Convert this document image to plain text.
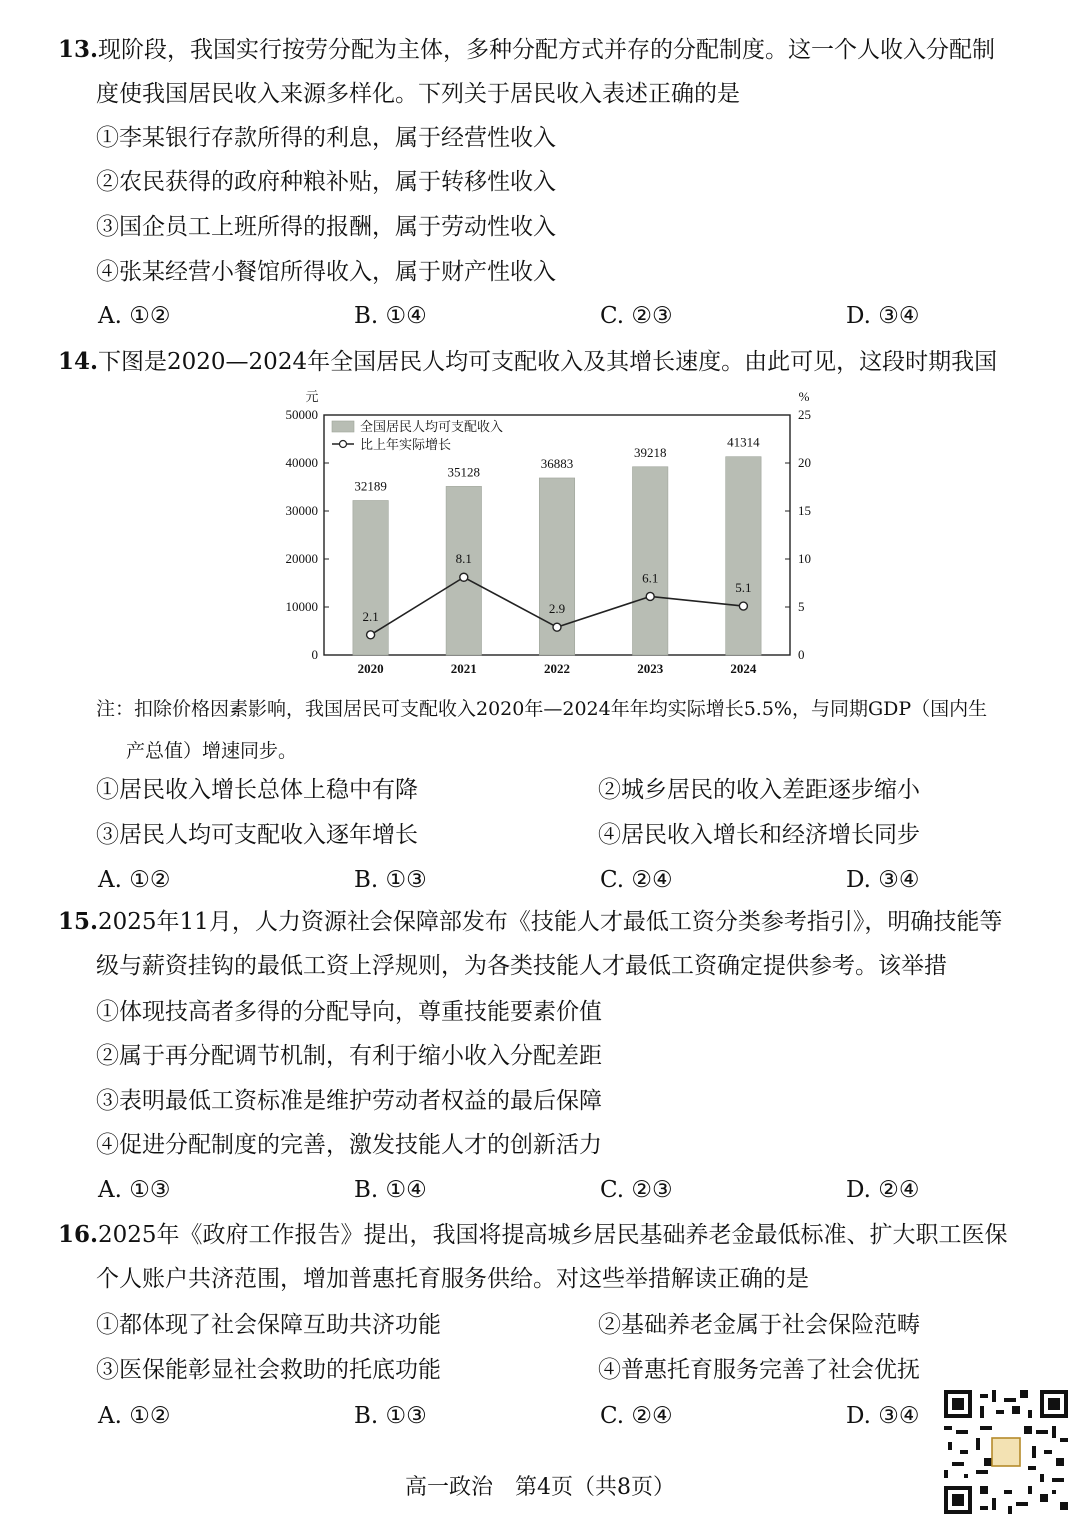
13.现阶段，我国实行按劳分配为主体，多种分配方式并存的分配制度。这一个人收入分配制
度使我国居民收入来源多样化。下列关于居民收入表述正确的是

①李某银行存款所得的利息，属于经营性收入
②农民获得的政府种粮补贴，属于转移性收入
③国企员工上班所得的报酬，属于劳动性收入
④张某经营小餐馆所得收入，属于财产性收入
A. ①②	B. ①④	C. ②③	D. ③④

14.下图是2020—2024年全国居民人均可支配收入及其增长速度。由此可见，这段时期我国

元	%
0
10000
20000
30000
40000
50000
0
5
10
15
20
25
32189
2020
35128
2021
36883
2022
39218
2023
41314
2024
2.1
8.1
2.9
6.1
5.1
全国居民人均可支配收入
比上年实际增长

注：扣除价格因素影响，我国居民可支配收入2020年—2024年年均实际增长5.5%，与同期GDP（国内生
产总值）增速同步。

①居民收入增长总体上稳中有降	②城乡居民的收入差距逐步缩小
③居民人均可支配收入逐年增长	④居民收入增长和经济增长同步
A. ①②	B. ①③	C. ②④	D. ③④

15.2025年11月，人力资源社会保障部发布《技能人才最低工资分类参考指引》，明确技能等
级与薪资挂钩的最低工资上浮规则，为各类技能人才最低工资确定提供参考。该举措

①体现技高者多得的分配导向，尊重技能要素价值
②属于再分配调节机制，有利于缩小收入分配差距
③表明最低工资标准是维护劳动者权益的最后保障
④促进分配制度的完善，激发技能人才的创新活力
A. ①③	B. ①④	C. ②③	D. ②④

16.2025年《政府工作报告》提出，我国将提高城乡居民基础养老金最低标准、扩大职工医保
个人账户共济范围，增加普惠托育服务供给。对这些举措解读正确的是

①都体现了社会保障互助共济功能	②基础养老金属于社会保险范畴
③医保能彰显社会救助的托底功能	④普惠托育服务完善了社会优抚
A. ①②	B. ①③	C. ②④	D. ③④
高一政治　第4页（共8页）
